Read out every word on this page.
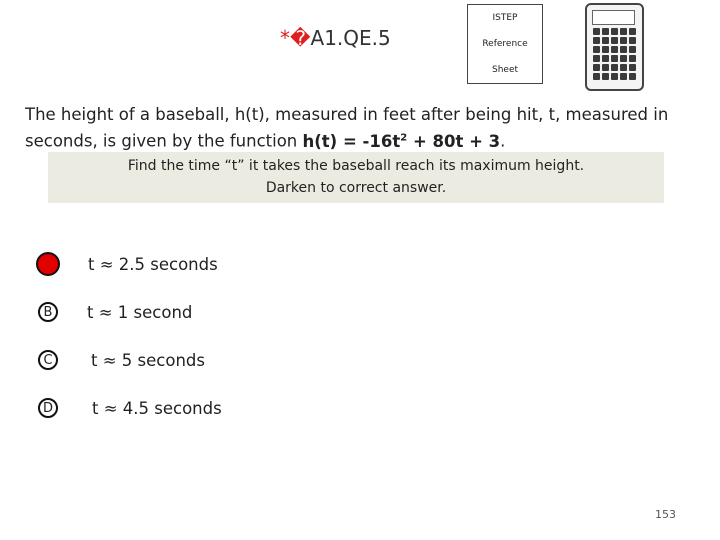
*�A1.QE.5
ISTEP
Reference
Sheet
The height of a baseball, h(t), measured in feet after being hit, t, measured in seconds, is given by the function $h(t) = -16t^2 + 80t + 3$.
Find the time “t” it takes the baseball reach its maximum height.
Darken to correct answer.
t ≈ 2.5 seconds
B	t ≈ 1 second
C	t ≈ 5 seconds
D	t ≈ 4.5 seconds
153
